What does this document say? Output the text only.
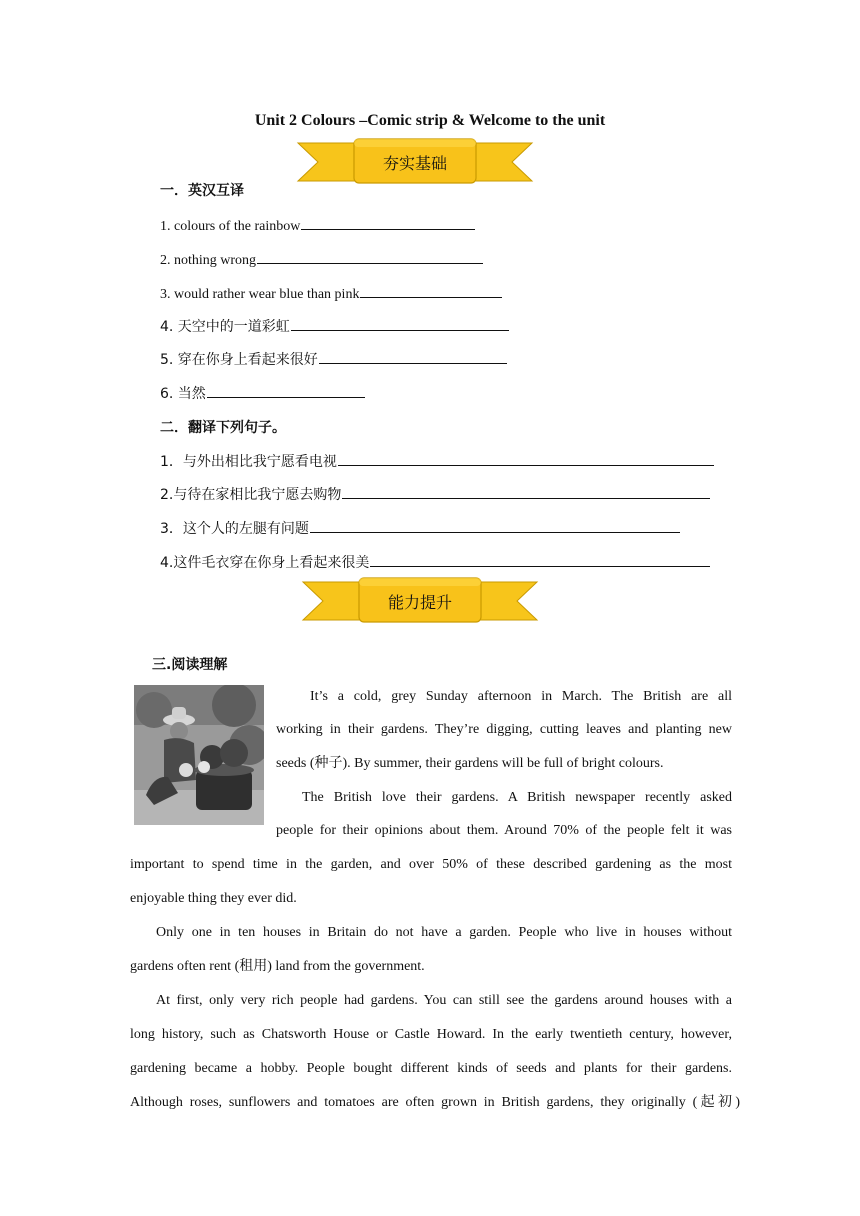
Unit 2 Colours –Comic strip & Welcome to the unit
夯实基础
一．英汉互译
1. colours of the rainbow
2. nothing wrong
3. would rather wear blue than pink
4. 天空中的一道彩虹
5. 穿在你身上看起来很好
6. 当然
二．翻译下列句子。
1．与外出相比我宁愿看电视
2.与待在家相比我宁愿去购物
3．这个人的左腿有问题
4.这件毛衣穿在你身上看起来很美
能力提升
三.阅读理解
It’s a cold, grey Sunday afternoon in March. The British are all
working in their gardens. They’re digging, cutting leaves and planting new
seeds (种子). By summer, their gardens will be full of bright colours.
The British love their gardens. A British newspaper recently asked
people for their opinions about them. Around 70% of the people felt it was
important to spend time in the garden, and over 50% of these described gardening as the most
enjoyable thing they ever did.
Only one in ten houses in Britain do not have a garden. People who live in houses without
gardens often rent (租用) land from the government.
At first, only very rich people had gardens. You can still see the gardens around houses with a
long history, such as Chatsworth House or Castle Howard. In the early twentieth century, however,
gardening became a hobby. People bought different kinds of seeds and plants for their gardens.
Although roses, sunflowers and tomatoes are often grown in British gardens, they originally (起初)
